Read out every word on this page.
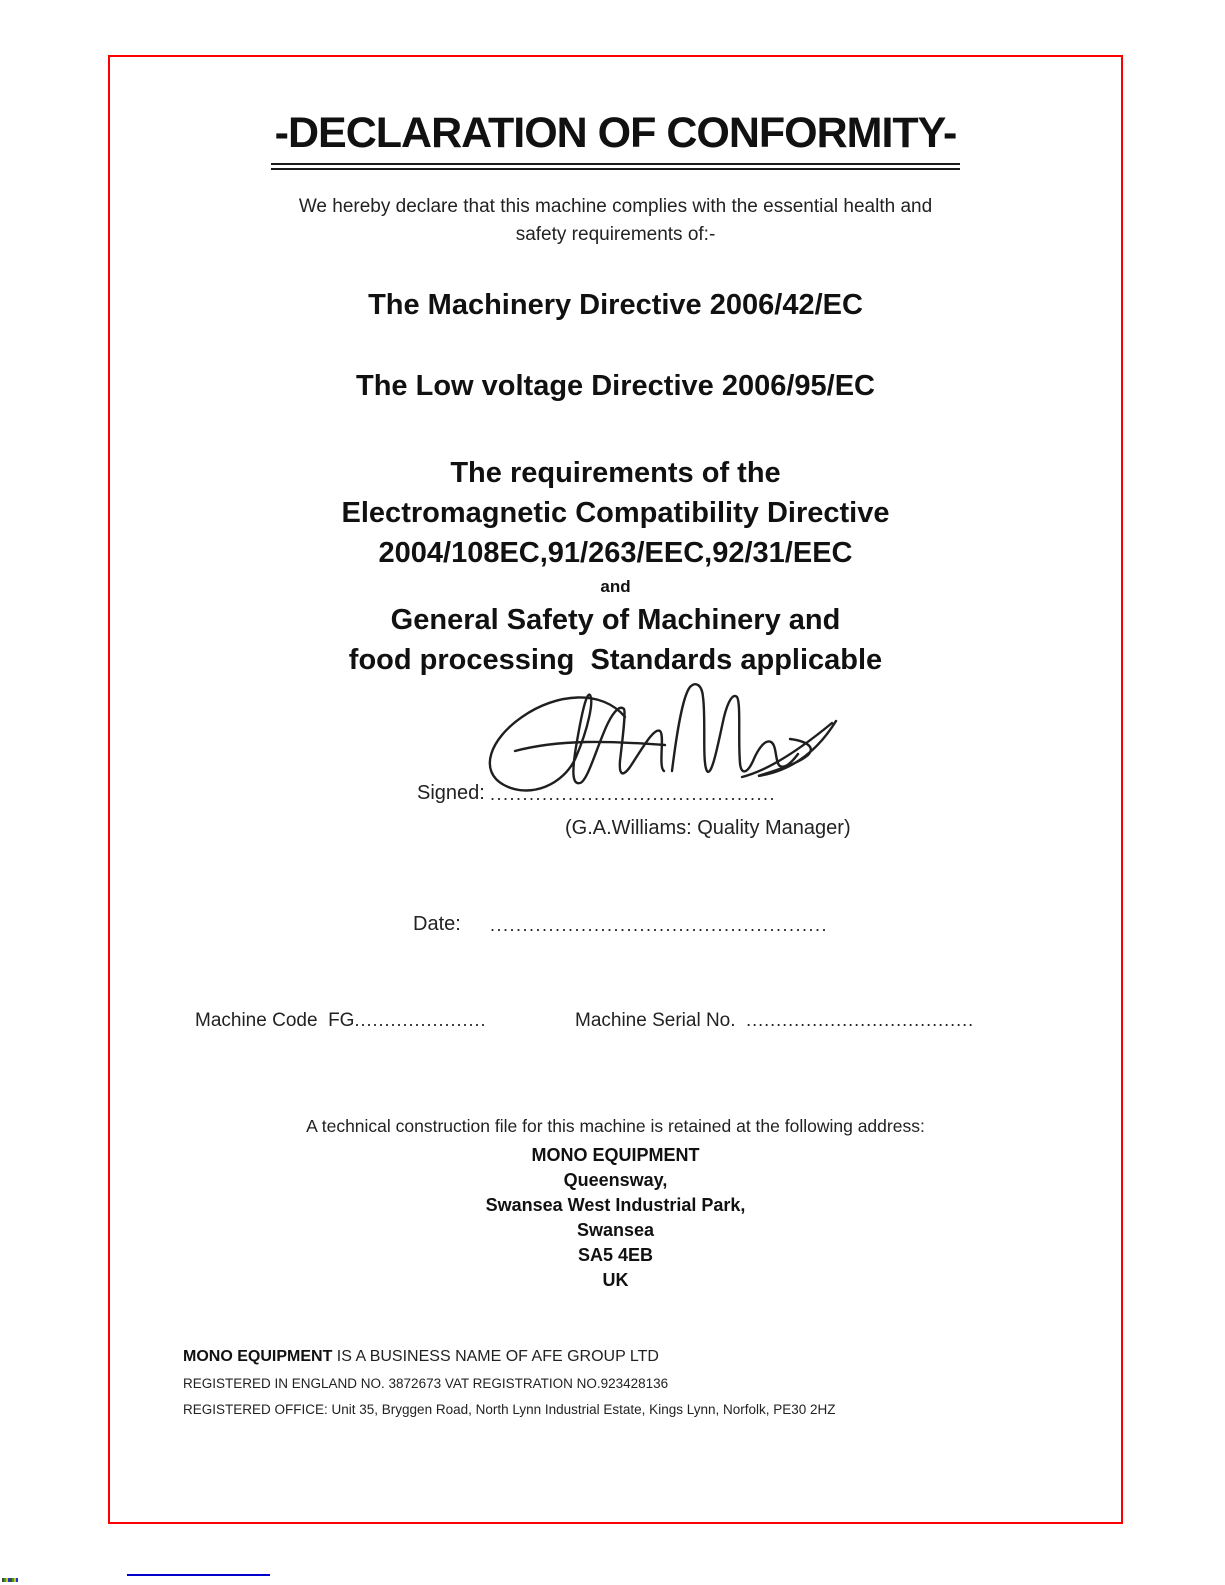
-DECLARATION OF CONFORMITY-
We hereby declare that this machine complies with the essential health and
safety requirements of:-
The Machinery Directive 2006/42/EC
The Low voltage Directive 2006/95/EC
The requirements of the
Electromagnetic Compatibility Directive
2004/108EC,91/263/EEC,92/31/EEC
and
General Safety of Machinery and
food processing  Standards applicable
Signed: ............................................
(G.A.Williams: Quality Manager)
Date: ....................................................
Machine Code  FG......................	Machine Serial No.  ......................................
A technical construction file for this machine is retained at the following address:
MONO EQUIPMENT
Queensway,
Swansea West Industrial Park,
Swansea
SA5 4EB
UK
MONO EQUIPMENT IS A BUSINESS NAME OF AFE GROUP LTD
REGISTERED IN ENGLAND NO. 3872673 VAT REGISTRATION NO.923428136
REGISTERED OFFICE: Unit 35, Bryggen Road, North Lynn Industrial Estate, Kings Lynn, Norfolk, PE30 2HZ
